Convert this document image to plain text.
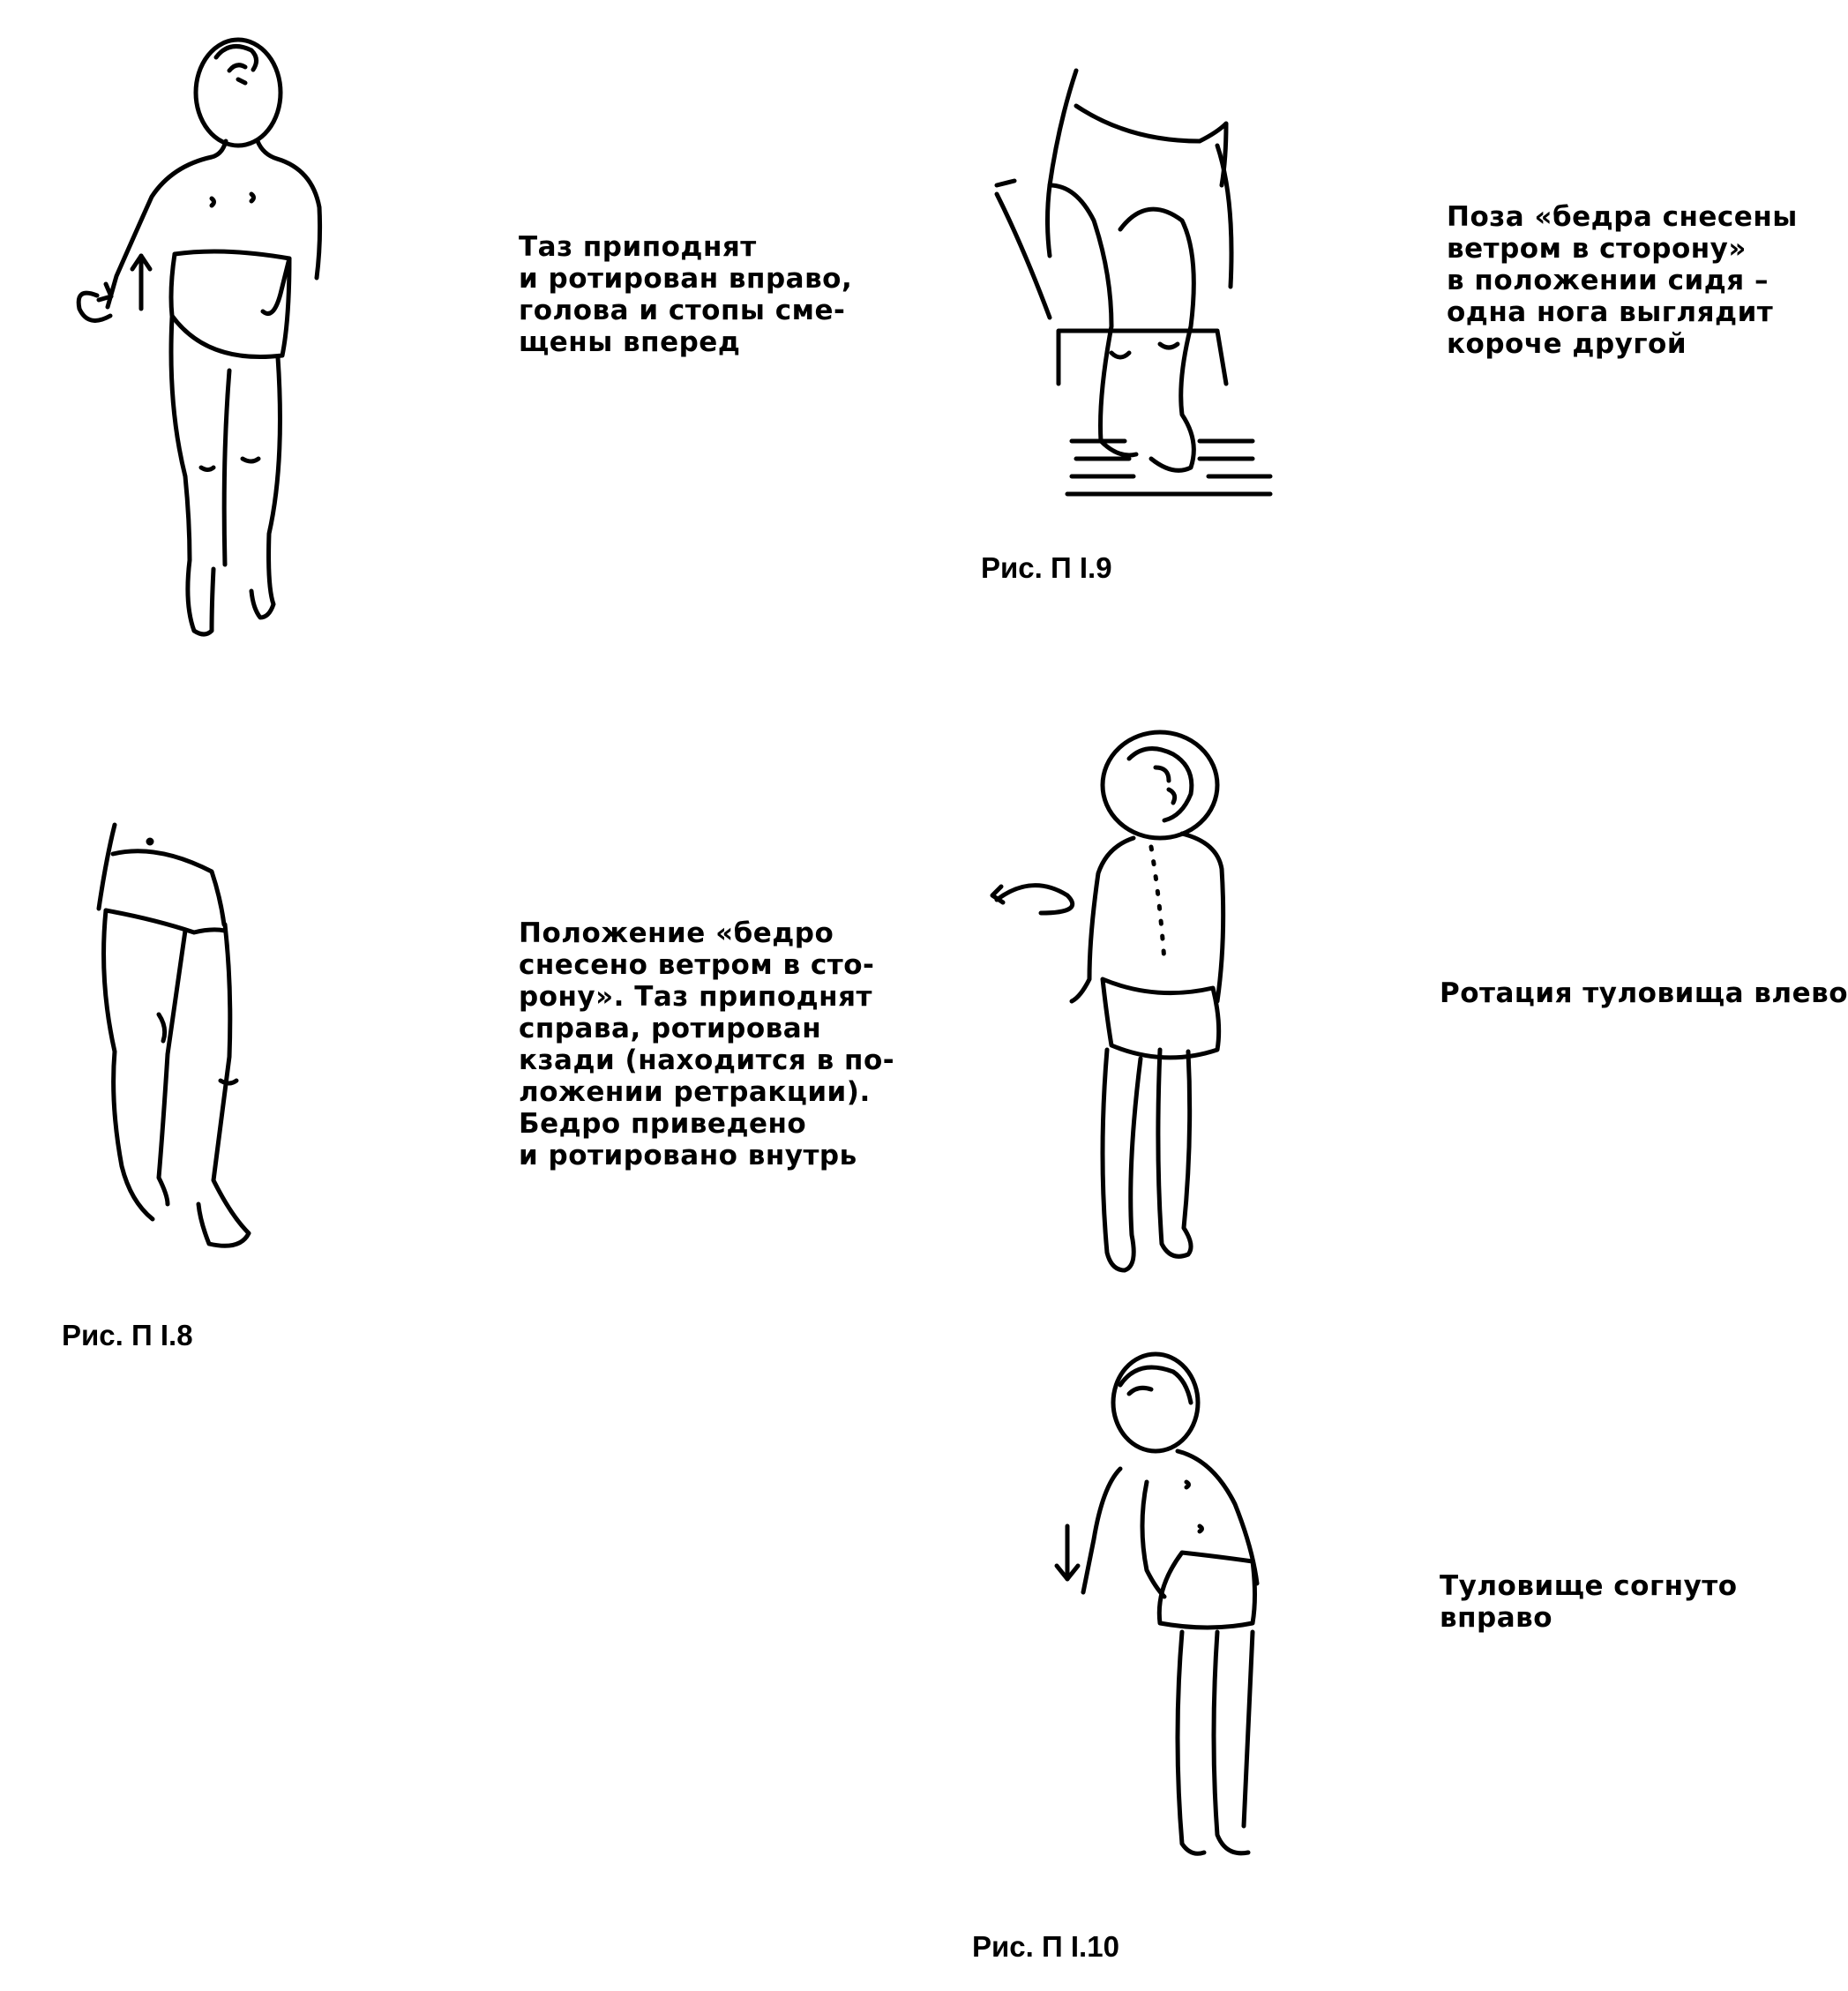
Таз приподнят
и ротирован вправо,
голова и стопы сме-
щены вперед
Положение «бедро
снесено ветром в сто-
рону». Таз приподнят
справа, ротирован
кзади (находится в по-
ложении ретракции).
Бедро приведено
и ротировано внутрь
Рис. П I.8
Поза «бедра снесены
ветром в сторону»
в положении сидя –
одна нога выглядит
короче другой
Рис. П I.9
Ротация туловища влево
Туловище согнуто
вправо
Рис. П I.10
